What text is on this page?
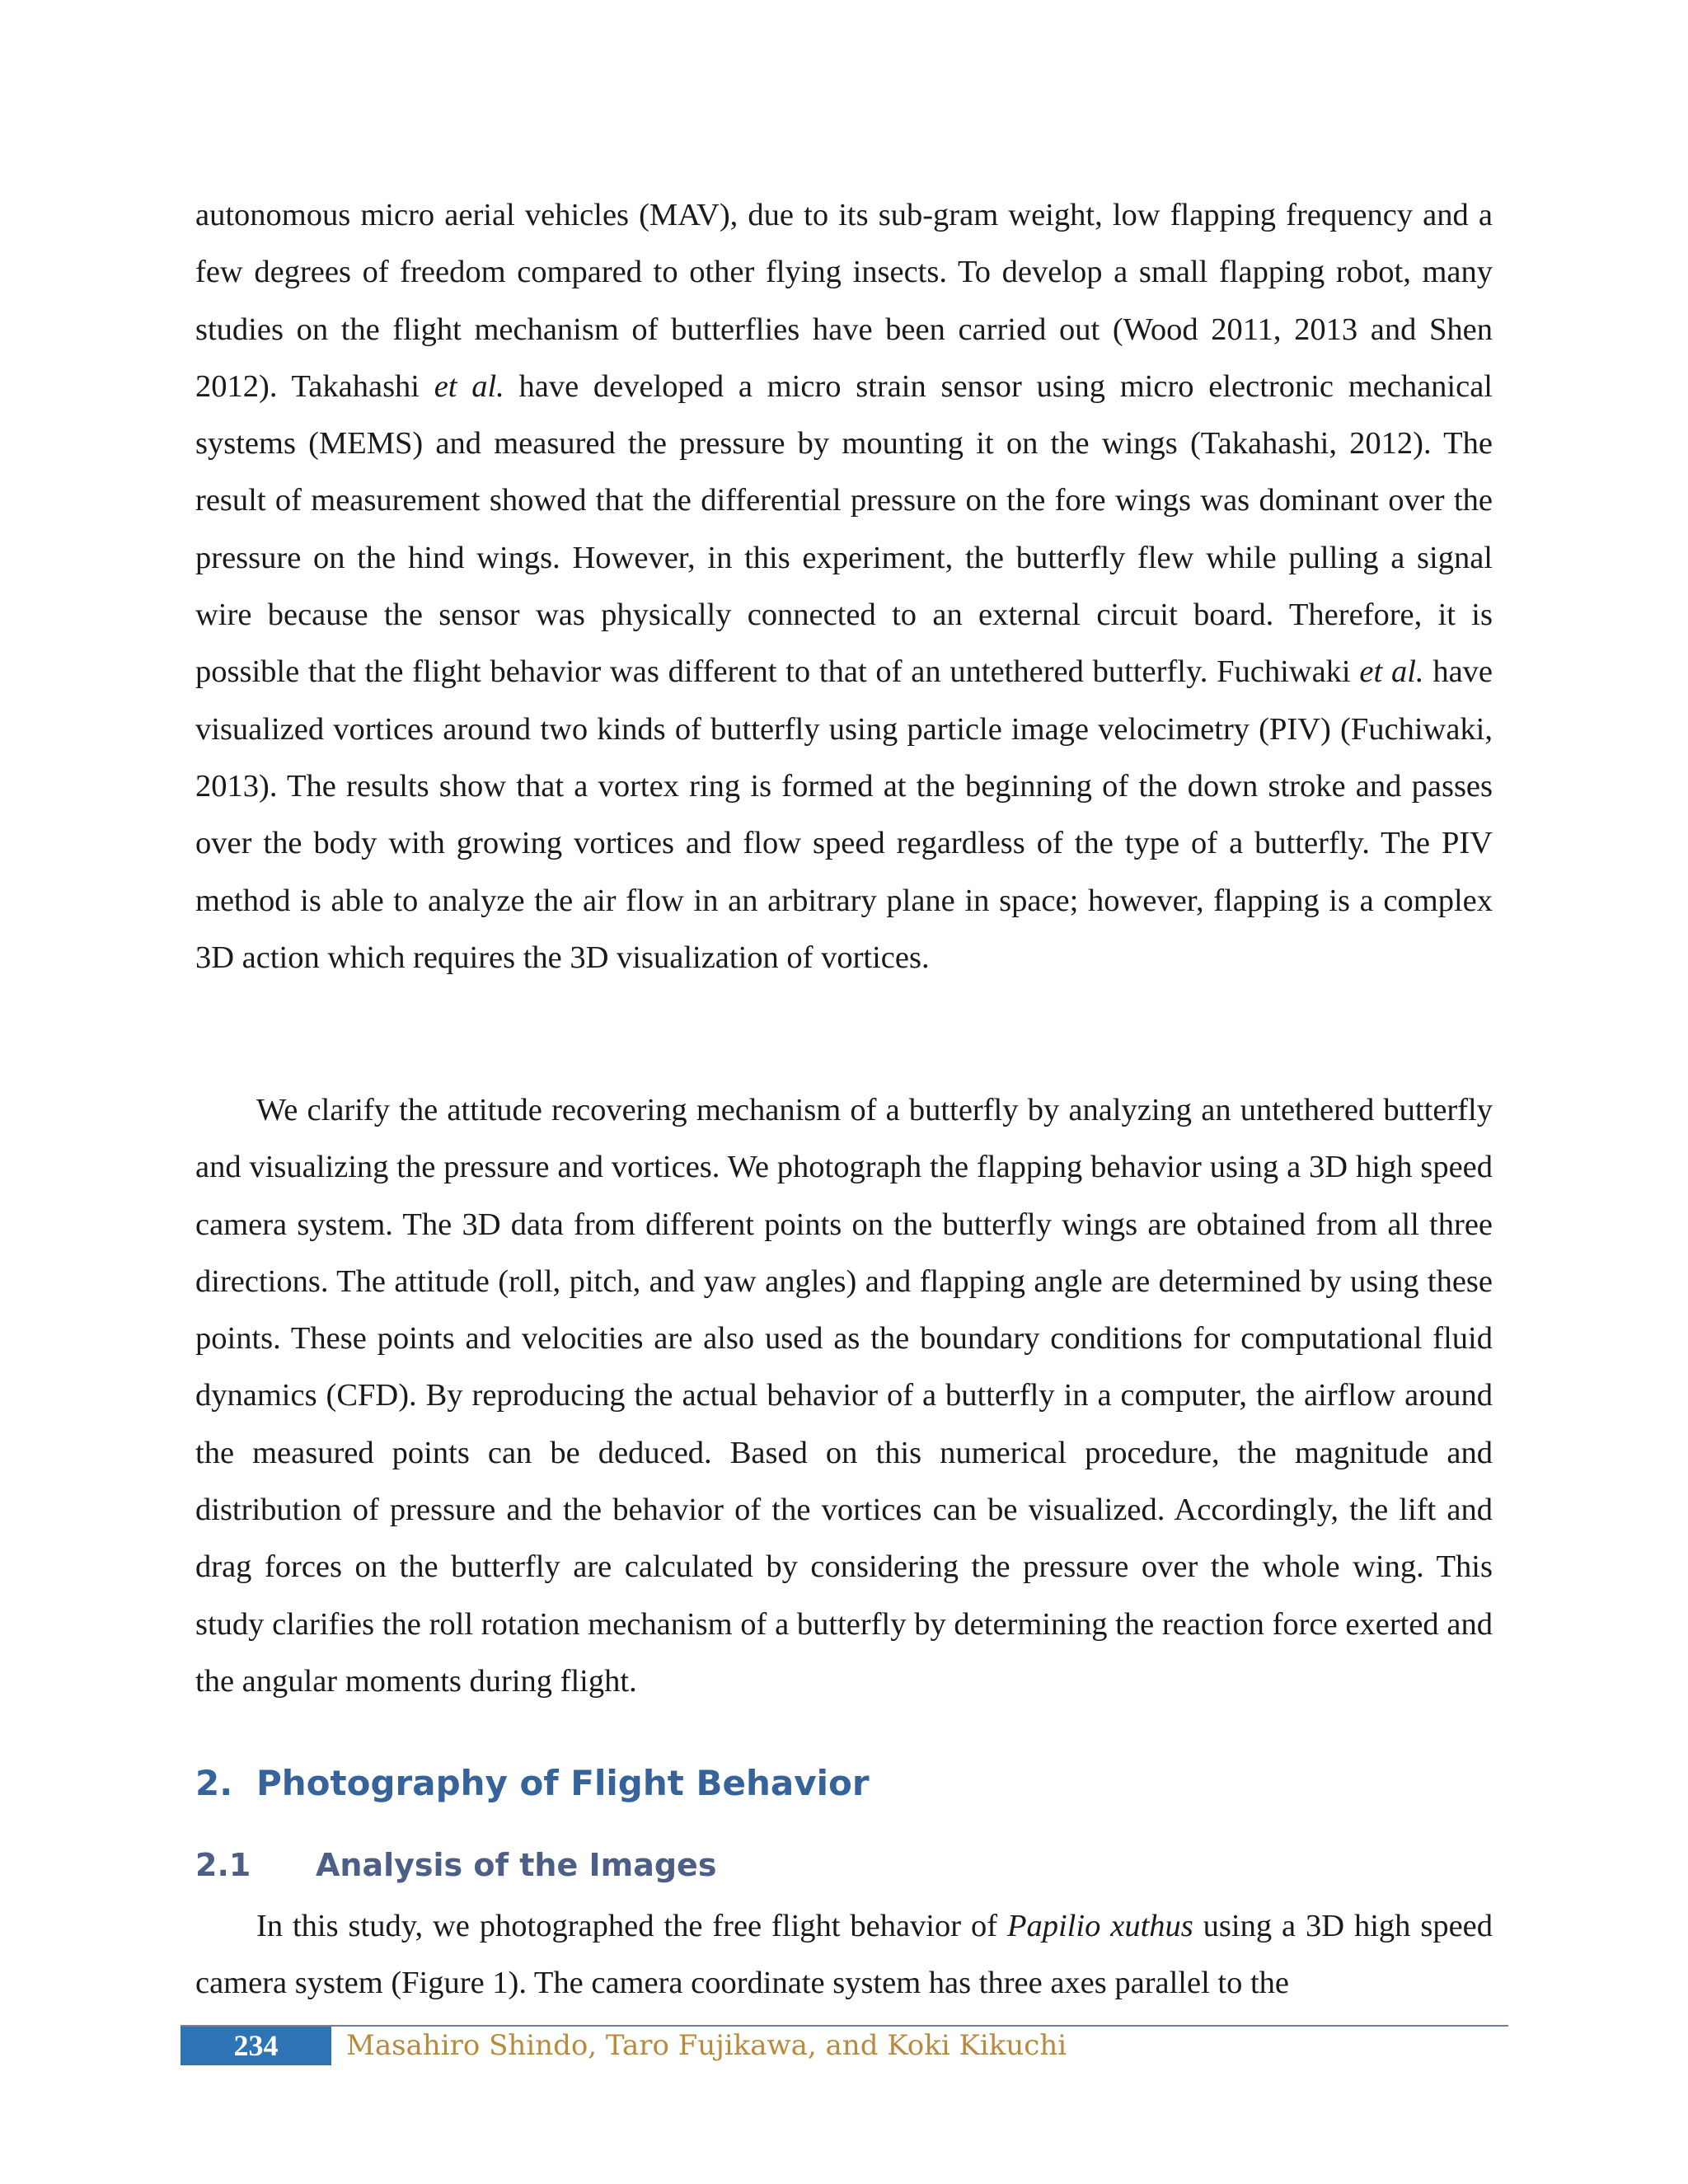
autonomous micro aerial vehicles (MAV), due to its sub-gram weight, low flapping frequency and a few degrees of freedom compared to other flying insects. To develop a small flapping robot, many studies on the flight mechanism of butterflies have been carried out (Wood 2011, 2013 and Shen 2012). Takahashi et al. have developed a micro strain sensor using micro electronic mechanical systems (MEMS) and measured the pressure by mounting it on the wings (Takahashi, 2012). The result of measurement showed that the differential pressure on the fore wings was dominant over the pressure on the hind wings. However, in this experiment, the butterfly flew while pulling a signal wire because the sensor was physically connected to an external circuit board. Therefore, it is possible that the flight behavior was different to that of an untethered butterfly. Fuchiwaki et al. have visualized vortices around two kinds of butterfly using particle image velocimetry (PIV) (Fuchiwaki, 2013). The results show that a vortex ring is formed at the beginning of the down stroke and passes over the body with growing vortices and flow speed regardless of the type of a butterfly. The PIV method is able to analyze the air flow in an arbitrary plane in space; however, flapping is a complex 3D action which requires the 3D visualization of vortices.

We clarify the attitude recovering mechanism of a butterfly by analyzing an untethered butterfly and visualizing the pressure and vortices. We photograph the flapping behavior using a 3D high speed camera system. The 3D data from different points on the butterfly wings are obtained from all three directions. The attitude (roll, pitch, and yaw angles) and flapping angle are determined by using these points. These points and velocities are also used as the boundary conditions for computational fluid dynamics (CFD). By reproducing the actual behavior of a butterfly in a computer, the airflow around the measured points can be deduced. Based on this numerical procedure, the magnitude and distribution of pressure and the behavior of the vortices can be visualized. Accordingly, the lift and drag forces on the butterfly are calculated by considering the pressure over the whole wing. This study clarifies the roll rotation mechanism of a butterfly by determining the reaction force exerted and the angular moments during flight.

2. Photography of Flight Behavior
2.1 Analysis of the Images

In this study, we photographed the free flight behavior of Papilio xuthus using a 3D high speed camera system (Figure 1). The camera coordinate system has three axes parallel to the

234	Masahiro Shindo, Taro Fujikawa, and Koki Kikuchi
